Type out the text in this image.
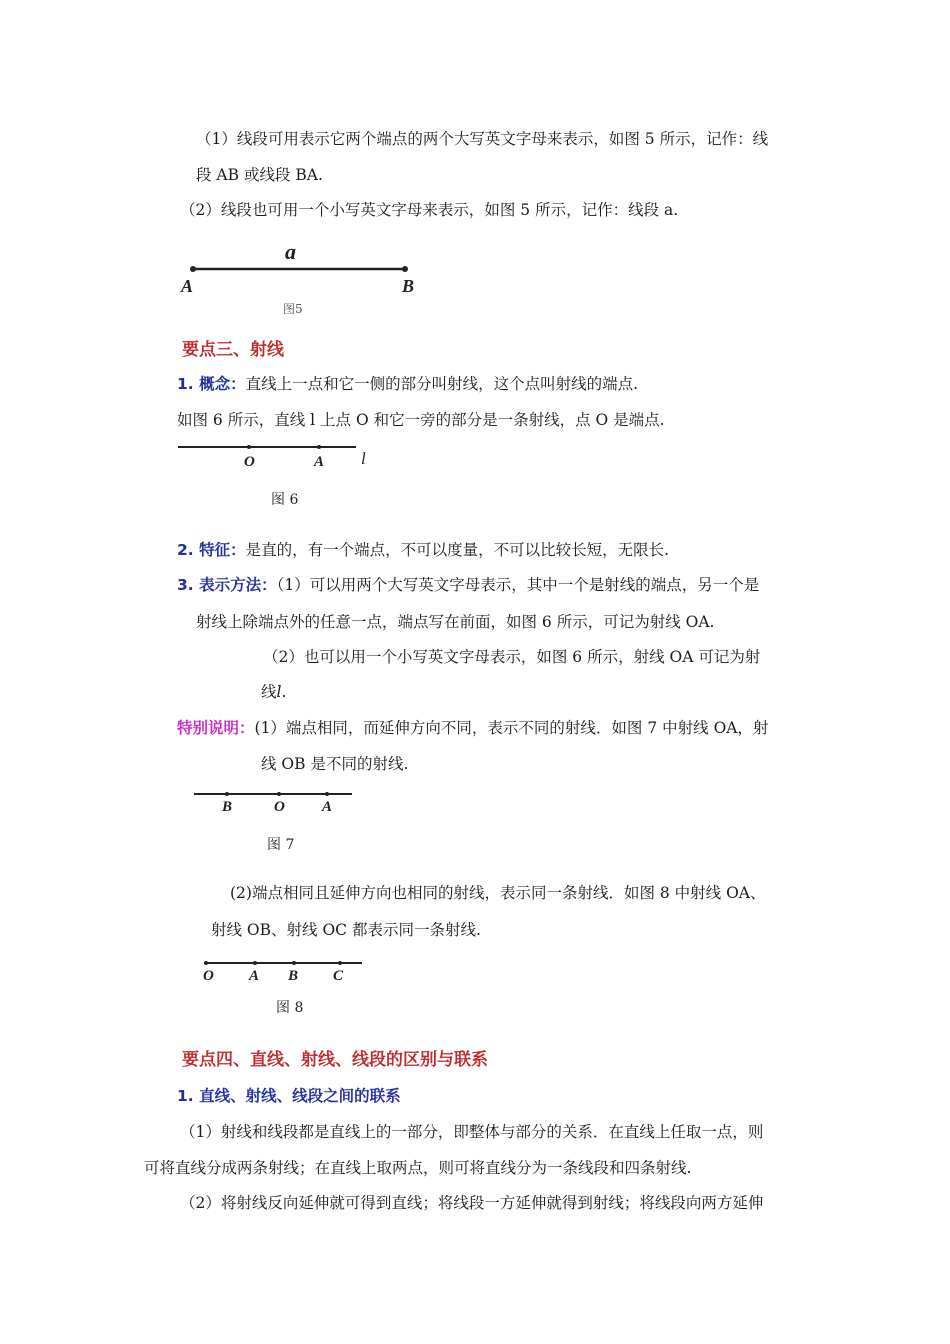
（1）线段可用表示它两个端点的两个大写英文字母来表示，如图 5 所示，记作：线
段 AB 或线段 BA.
（2）线段也可用一个小写英文字母来表示，如图 5 所示，记作：线段 a.
a
A	B
图5
要点三、射线
1. 概念：直线上一点和它一侧的部分叫射线，这个点叫射线的端点.
如图 6 所示，直线 l 上点 O 和它一旁的部分是一条射线，点 O 是端点.
O	A l
图 6
2. 特征：是直的，有一个端点，不可以度量，不可以比较长短，无限长.
3. 表示方法：（1）可以用两个大写英文字母表示，其中一个是射线的端点，另一个是
射线上除端点外的任意一点，端点写在前面，如图 6 所示，可记为射线 OA.
（2）也可以用一个小写英文字母表示，如图 6 所示，射线 OA 可记为射
线l.
特别说明：(1）端点相同，而延伸方向不同，表示不同的射线．如图 7 中射线 OA，射
线 OB 是不同的射线.
B	O A
图 7
(2)端点相同且延伸方向也相同的射线，表示同一条射线．如图 8 中射线 OA、
射线 OB、射线 OC 都表示同一条射线.
O A B C
图 8
要点四、直线、射线、线段的区别与联系
1. 直线、射线、线段之间的联系
（1）射线和线段都是直线上的一部分，即整体与部分的关系．在直线上任取一点，则
可将直线分成两条射线；在直线上取两点，则可将直线分为一条线段和四条射线.
（2）将射线反向延伸就可得到直线；将线段一方延伸就得到射线；将线段向两方延伸
